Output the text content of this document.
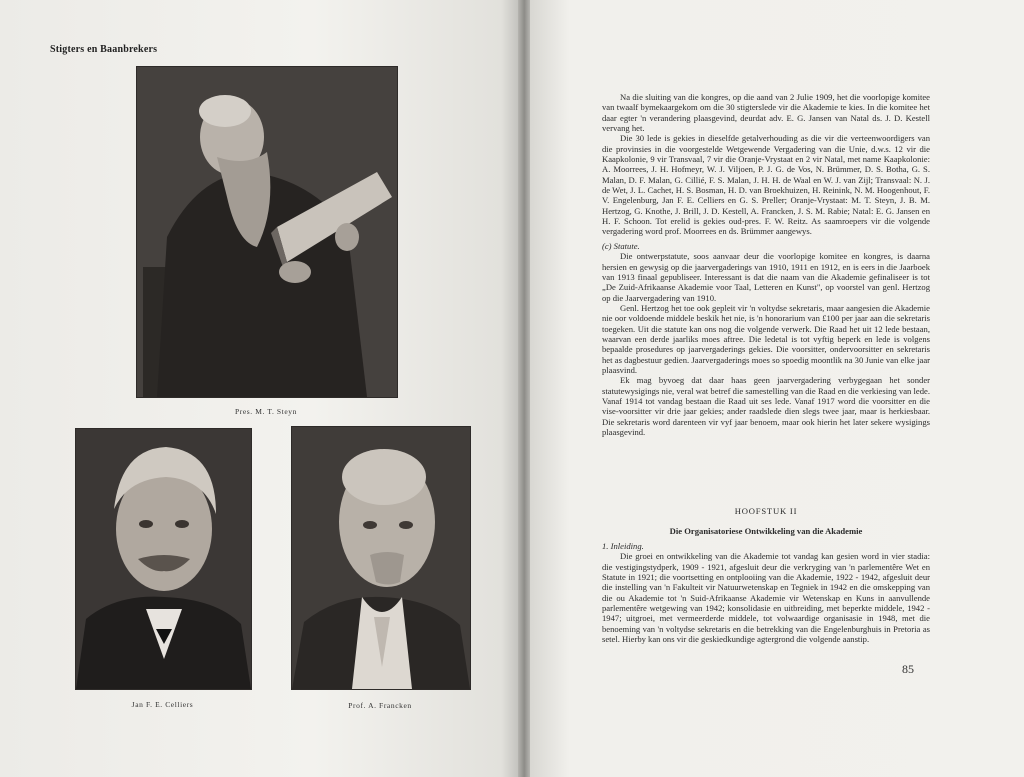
Stigters en Baanbrekers
Pres. M. T. Steyn
Jan F. E. Celliers	Prof. A. Francken

Na die sluiting van die kongres, op die aand van 2 Julie 1909, het die voorlopige komitee van twaalf bymekaargekom om die 30 stigterslede vir die Akademie te kies. In die komitee het daar egter 'n verandering plaasgevind, deurdat adv. E. G. Jansen van Natal ds. J. D. Kestell vervang het.

Die 30 lede is gekies in dieselfde getalverhouding as die vir die verteenwoordigers van die provinsies in die voorgestelde Wetgewende Vergadering van die Unie, d.w.s. 12 vir die Kaapkolonie, 9 vir Transvaal, 7 vir die Oranje-Vrystaat en 2 vir Natal, met name Kaapkolonie: A. Moorrees, J. H. Hofmeyr, W. J. Viljoen, P. J. G. de Vos, N. Brümmer, D. S. Botha, G. S. Malan, D. F. Malan, G. Cillié, F. S. Malan, J. H. H. de Waal en W. J. van Zijl; Transvaal: N. J. de Wet, J. L. Cachet, H. S. Bosman, H. D. van Broekhuizen, H. Reinink, N. M. Hoogenhout, F. V. Engelenburg, Jan F. E. Celliers en G. S. Preller; Oranje-Vrystaat: M. T. Steyn, J. B. M. Hertzog, G. Knothe, J. Brill, J. D. Kestell, A. Francken, J. S. M. Rabie; Natal: E. G. Jansen en H. F. Schoon. Tot erelid is gekies oud-pres. F. W. Reitz. As saamroepers vir die volgende vergadering word prof. Moorrees en ds. Brümmer aangewys.

(c) Statute.

Die ontwerpstatute, soos aanvaar deur die voorlopige komitee en kongres, is daarna hersien en gewysig op die jaarvergaderings van 1910, 1911 en 1912, en is eers in die Jaarboek van 1913 finaal gepubliseer. Interessant is dat die naam van die Akademie gefinaliseer is tot „De Zuid-Afrikaanse Akademie voor Taal, Letteren en Kunst", op voorstel van genl. Hertzog op die Jaarvergadering van 1910.

Genl. Hertzog het toe ook gepleit vir 'n voltydse sekretaris, maar aangesien die Akademie nie oor voldoende middele beskik het nie, is 'n honorarium van £100 per jaar aan die sekretaris toegeken. Uit die statute kan ons nog die volgende verwerk. Die Raad het uit 12 lede bestaan, waarvan een derde jaarliks moes aftree. Die ledetal is tot vyftig beperk en lede is volgens bepaalde prosedures op jaarvergaderings gekies. Die voorsitter, ondervoorsitter en sekretaris het as dagbestuur gedien. Jaarvergaderings moes so spoedig moontlik na 30 Junie van elke jaar plaasvind.

Ek mag byvoeg dat daar haas geen jaarvergadering verbygegaan het sonder statutewysigings nie, veral wat betref die samestelling van die Raad en die verkiesing van lede. Vanaf 1914 tot vandag bestaan die Raad uit ses lede. Vanaf 1917 word die voorsitter en die vise-voorsitter vir drie jaar gekies; ander raadslede dien slegs twee jaar, maar is herkiesbaar. Die sekretaris word darenteen vir vyf jaar benoem, maar ook hierin het later sekere wysigings plaasgevind.

HOOFSTUK II
Die Organisatoriese Ontwikkeling van die Akademie

1. Inleiding.

Die groei en ontwikkeling van die Akademie tot vandag kan gesien word in vier stadia: die vestigingstydperk, 1909 - 1921, afgesluit deur die verkryging van 'n parlementêre Wet en Statute in 1921; die voortsetting en ontplooiing van die Akademie, 1922 - 1942, afgesluit deur die instelling van 'n Fakulteit vir Natuurwetenskap en Tegniek in 1942 en die omskepping van die ou Akademie tot 'n Suid-Afrikaanse Akademie vir Wetenskap en Kuns in aanvullende parlementêre wetgewing van 1942; konsolidasie en uitbreiding, met beperkte middele, 1942 - 1947; uitgroei, met vermeerderde middele, tot volwaardige organisasie in 1948, met die benoeming van 'n voltydse sekretaris en die betrekking van die Engelenburghuis in Pretoria as setel. Hierby kan ons vir die geskiedkundige agtergrond die volgende aanstip.

85
